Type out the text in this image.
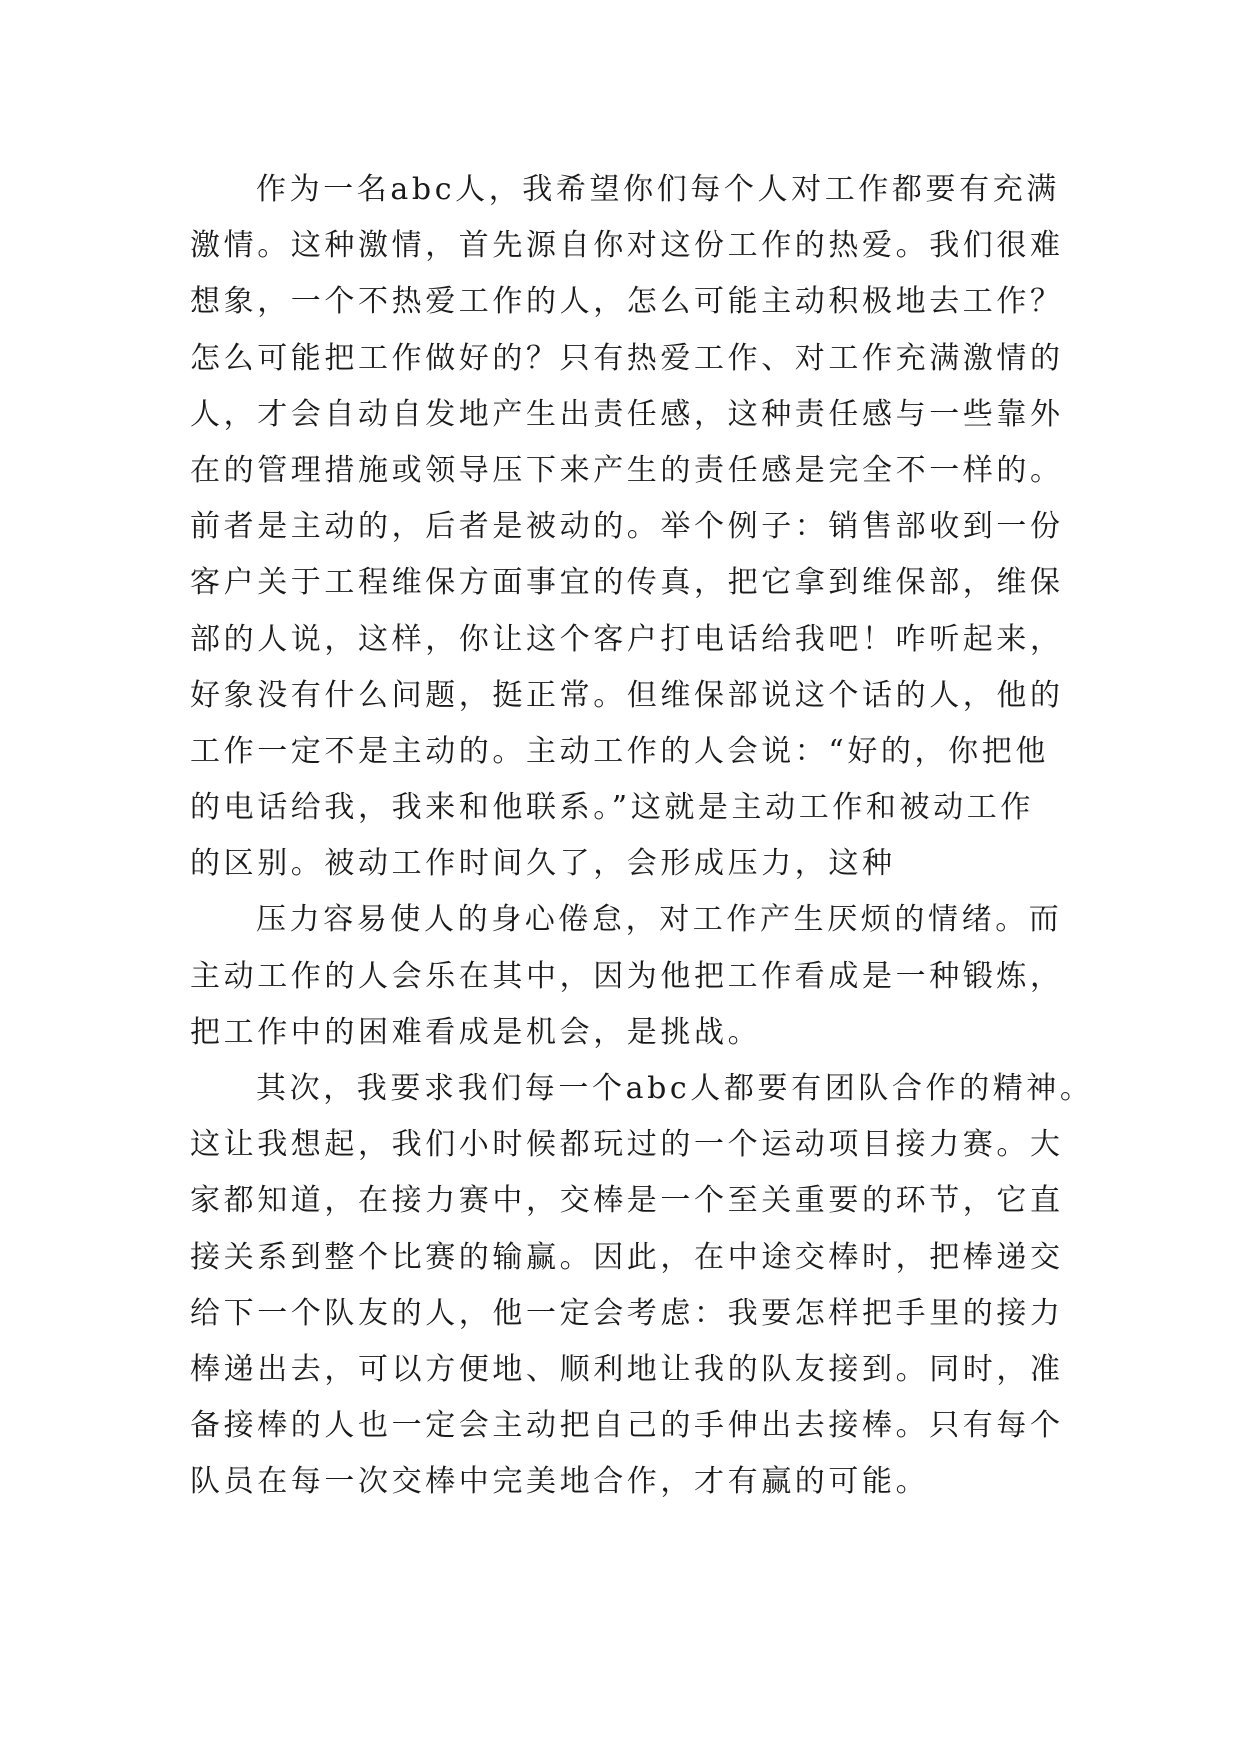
作为一名abc人，我希望你们每个人对工作都要有充满
激情。这种激情，首先源自你对这份工作的热爱。我们很难
想象，一个不热爱工作的人，怎么可能主动积极地去工作？
怎么可能把工作做好的？只有热爱工作、对工作充满激情的
人，才会自动自发地产生出责任感，这种责任感与一些靠外
在的管理措施或领导压下来产生的责任感是完全不一样的。
前者是主动的，后者是被动的。举个例子：销售部收到一份
客户关于工程维保方面事宜的传真，把它拿到维保部，维保
部的人说，这样，你让这个客户打电话给我吧！咋听起来，
好象没有什么问题，挺正常。但维保部说这个话的人，他的
工作一定不是主动的。主动工作的人会说：“好的，你把他
的电话给我，我来和他联系。”这就是主动工作和被动工作
的区别。被动工作时间久了，会形成压力，这种
压力容易使人的身心倦怠，对工作产生厌烦的情绪。而
主动工作的人会乐在其中，因为他把工作看成是一种锻炼，
把工作中的困难看成是机会，是挑战。
其次，我要求我们每一个abc人都要有团队合作的精神。
这让我想起，我们小时候都玩过的一个运动项目接力赛。大
家都知道，在接力赛中，交棒是一个至关重要的环节，它直
接关系到整个比赛的输赢。因此，在中途交棒时，把棒递交
给下一个队友的人，他一定会考虑：我要怎样把手里的接力
棒递出去，可以方便地、顺利地让我的队友接到。同时，准
备接棒的人也一定会主动把自己的手伸出去接棒。只有每个
队员在每一次交棒中完美地合作，才有赢的可能。
